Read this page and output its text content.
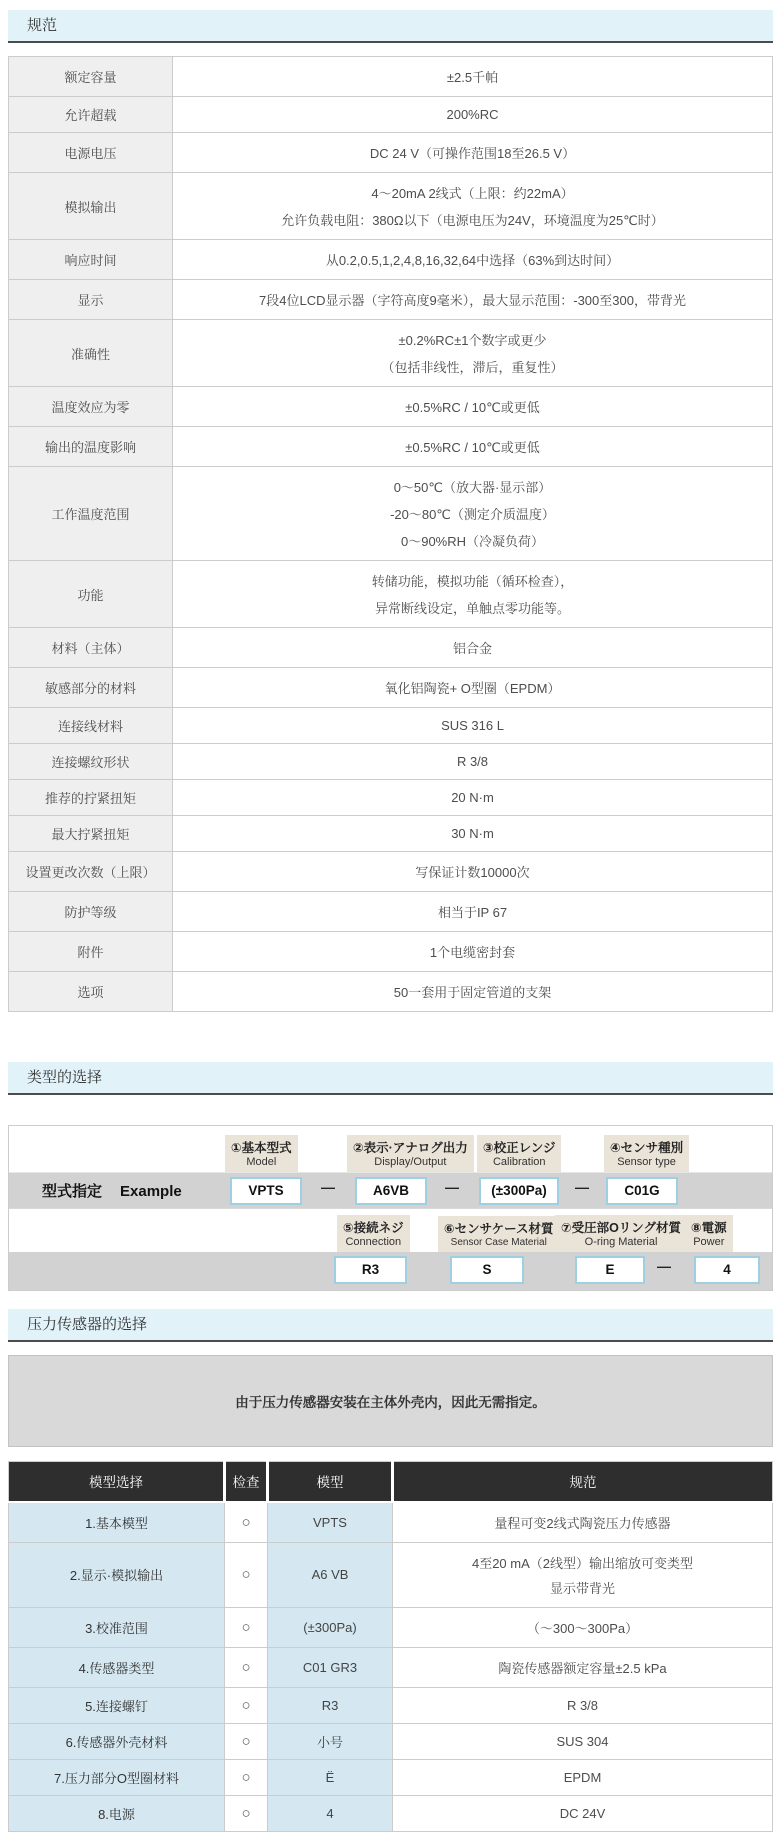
规范
额定容量	±2.5千帕

允许超载	200%RC

电源电压	DC 24 V（可操作范围18至26.5 V）

模拟输出	4～20mA 2线式（上限：约22mA）
允许负载电阻：380Ω以下（电源电压为24V，环境温度为25℃时）

响应时间	从0.2,0.5,1,2,4,8,16,32,64中选择（63%到达时间）

显示	7段4位LCD显示器（字符高度9毫米），最大显示范围：-300至300，带背光

准确性	±0.2%RC±1个数字或更少
（包括非线性，滞后，重复性）

温度效应为零	±0.5%RC / 10℃或更低

输出的温度影响	±0.5%RC / 10℃或更低

工作温度范围	0～50℃（放大器·显示部）
-20～80℃（测定介质温度）
0～90%RH（冷凝负荷）

功能	转储功能，模拟功能（循环检查），
异常断线设定，单触点零功能等。

材料（主体）	铝合金

敏感部分的材料	氧化铝陶瓷+ O型圈（EPDM）

连接线材料	SUS 316 L

连接螺纹形状	R 3/8

推荐的拧紧扭矩	20 N·m

最大拧紧扭矩	30 N·m

设置更改次数（上限）	写保证计数10000次

防护等级	相当于IP 67

附件	1个电缆密封套

选项	50一套用于固定管道的支架
类型的选择
①基本型式
Model
②表示·アナログ出力
Display/Output
③校正レンジ
Calibration
④センサ種別
Sensor type
型式指定 Example	VPTS	—	A6VB	—	(±300Pa)	—	C01G
⑤接続ネジ
Connection
⑥センサケース材質
Sensor Case Material
⑦受圧部Oリング材質
O-ring Material
⑧電源
Power
R3	S	E	—	4
压力传感器的选择
由于压力传感器安装在主体外壳内，因此无需指定。
模型选择	检查	模型	规范
1.基本模型	○	VPTS	量程可变2线式陶瓷压力传感器

2.显示·模拟输出	○	A6 VB	4至20 mA（2线型）输出缩放可变类型
显示带背光

3.校准范围	○	(±300Pa)	（～300～300Pa）

4.传感器类型	○	C01 GR3	陶瓷传感器额定容量±2.5 kPa

5.连接螺钉	○	R3	R 3/8

6.传感器外壳材料	○	小号	SUS 304

7.压力部分O型圈材料	○	Ë	EPDM

8.电源	○	4	DC 24V
